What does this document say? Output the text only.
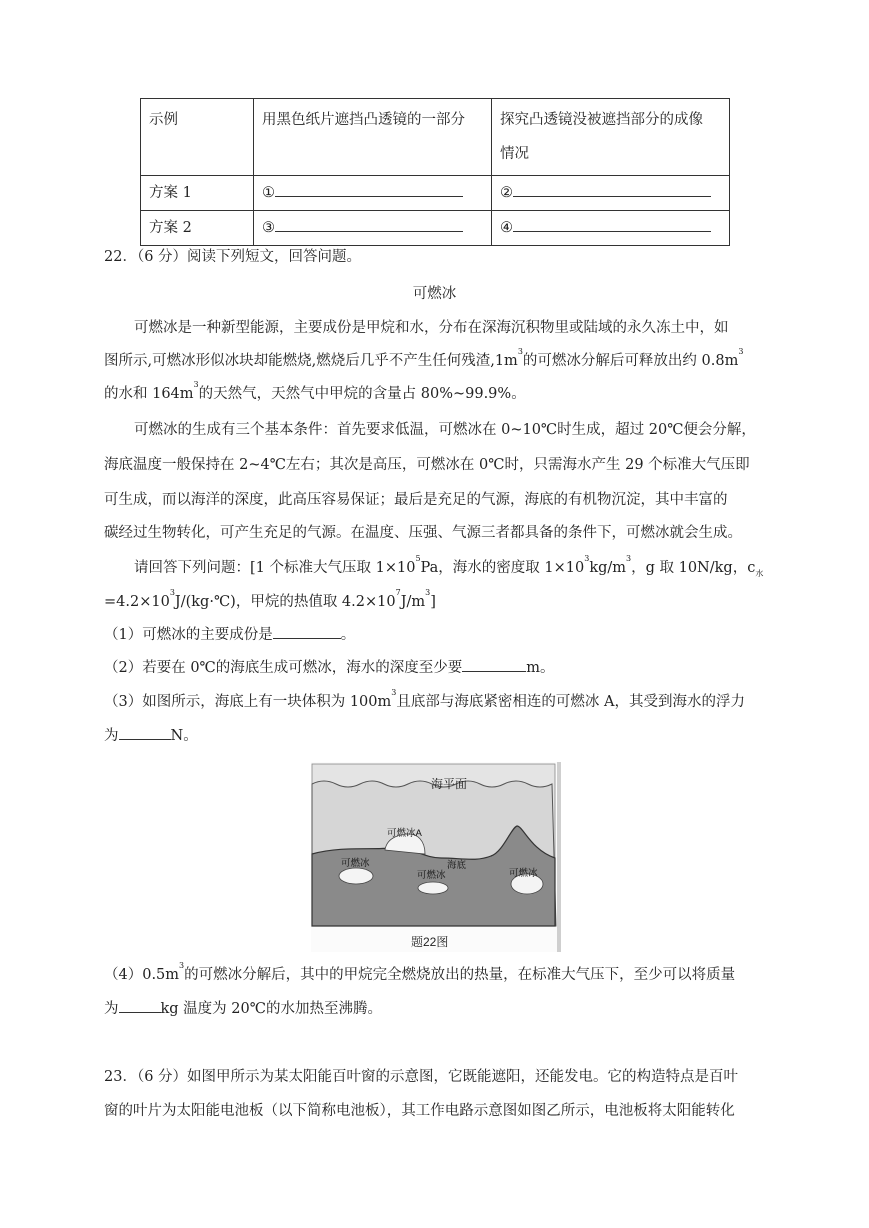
示例	用黑色纸片遮挡凸透镜的一部分	探究凸透镜没被遮挡部分的成像
情况
方案 1	①	②
方案 2	③	④
22．（6 分）阅读下列短文，回答问题。
可燃冰
可燃冰是一种新型能源，主要成份是甲烷和水，分布在深海沉积物里或陆域的永久冻土中，如
图所示,可燃冰形似冰块却能燃烧,燃烧后几乎不产生任何残渣$,1m^3$的可燃冰分解后可释放出约 $0.8m^3$
的水和 $164m^3$的天然气，天然气中甲烷的含量占 80%~99.9%。
可燃冰的生成有三个基本条件：首先要求低温，可燃冰在 0~10℃时生成，超过 20℃便会分解，
海底温度一般保持在 2~4℃左右；其次是高压，可燃冰在 0℃时，只需海水产生 29 个标准大气压即
可生成，而以海洋的深度，此高压容易保证；最后是充足的气源，海底的有机物沉淀，其中丰富的
碳经过生物转化，可产生充足的气源。在温度、压强、气源三者都具备的条件下，可燃冰就会生成。
请回答下列问题：[1 个标准大气压取 $1\times 10^5Pa$，海水的密度取 $1\times 10^3kg/m^3$，g 取 10N/kg，$c_水$
$=4.2\times 10^3J/(kg\cdot℃)$，甲烷的热值取 $4.2\times 10^7J/m^3$]
（1）可燃冰的主要成份是	。
（2）若要在 0℃的海底生成可燃冰，海水的深度至少要	m。
（3）如图所示，海底上有一块体积为 $100m^3$且底部与海底紧密相连的可燃冰 A，其受到海水的浮力
为	N。
海平面
可燃冰A
可燃冰
可燃冰
海底
可燃冰
题22图
$(4)0.5m^3$的可燃冰分解后，其中的甲烷完全燃烧放出的热量，在标准大气压下，至少可以将质量
为	kg 温度为 20℃的水加热至沸腾。
23．（6 分）如图甲所示为某太阳能百叶窗的示意图，它既能遮阳，还能发电。它的构造特点是百叶
窗的叶片为太阳能电池板（以下简称电池板），其工作电路示意图如图乙所示，电池板将太阳能转化
